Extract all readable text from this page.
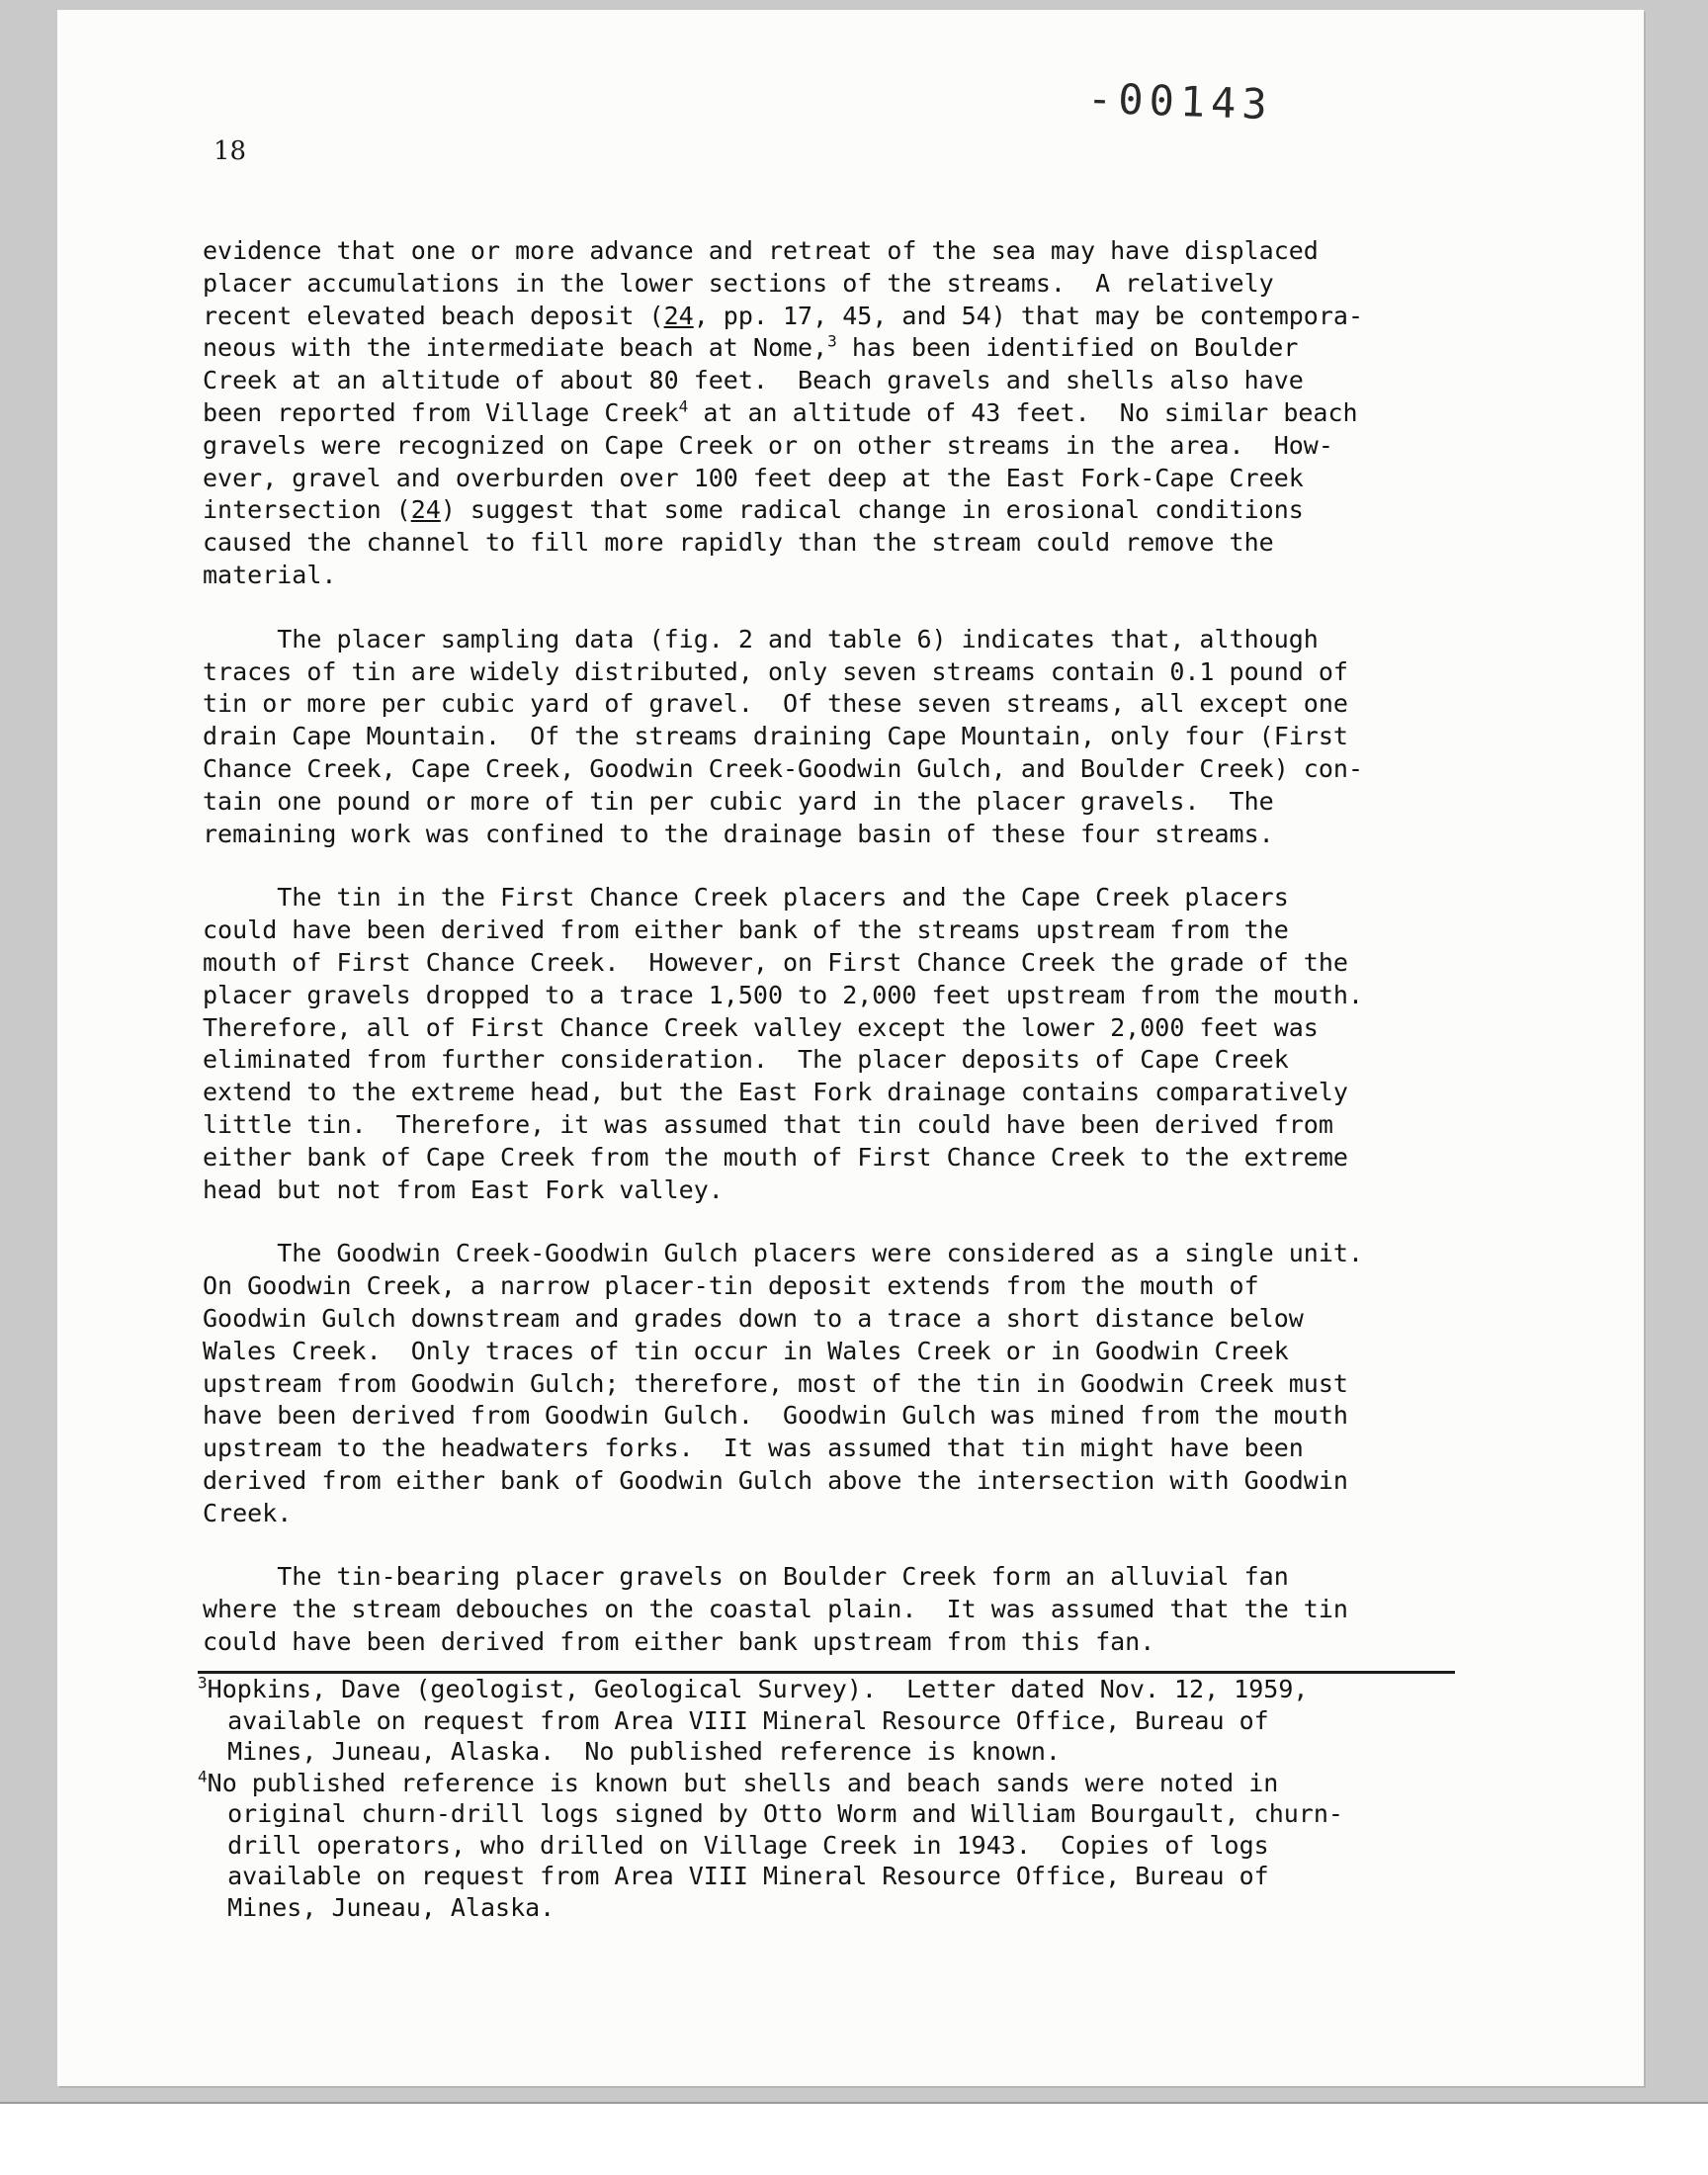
-00143
18
evidence that one or more advance and retreat of the sea may have displaced
placer accumulations in the lower sections of the streams.  A relatively
recent elevated beach deposit (24, pp. 17, 45, and 54) that may be contempora-
neous with the intermediate beach at Nome,$^3$ has been identified on Boulder
Creek at an altitude of about 80 feet.  Beach gravels and shells also have
been reported from Village Creek$^4$ at an altitude of 43 feet.  No similar beach
gravels were recognized on Cape Creek or on other streams in the area.  How-
ever, gravel and overburden over 100 feet deep at the East Fork-Cape Creek
intersection (24) suggest that some radical change in erosional conditions
caused the channel to fill more rapidly than the stream could remove the
material.
The placer sampling data (fig. 2 and table 6) indicates that, although
traces of tin are widely distributed, only seven streams contain 0.1 pound of
tin or more per cubic yard of gravel.  Of these seven streams, all except one
drain Cape Mountain.  Of the streams draining Cape Mountain, only four (First
Chance Creek, Cape Creek, Goodwin Creek-Goodwin Gulch, and Boulder Creek) con-
tain one pound or more of tin per cubic yard in the placer gravels.  The
remaining work was confined to the drainage basin of these four streams.
The tin in the First Chance Creek placers and the Cape Creek placers
could have been derived from either bank of the streams upstream from the
mouth of First Chance Creek.  However, on First Chance Creek the grade of the
placer gravels dropped to a trace 1,500 to 2,000 feet upstream from the mouth.
Therefore, all of First Chance Creek valley except the lower 2,000 feet was
eliminated from further consideration.  The placer deposits of Cape Creek
extend to the extreme head, but the East Fork drainage contains comparatively
little tin.  Therefore, it was assumed that tin could have been derived from
either bank of Cape Creek from the mouth of First Chance Creek to the extreme
head but not from East Fork valley.
The Goodwin Creek-Goodwin Gulch placers were considered as a single unit.
On Goodwin Creek, a narrow placer-tin deposit extends from the mouth of
Goodwin Gulch downstream and grades down to a trace a short distance below
Wales Creek.  Only traces of tin occur in Wales Creek or in Goodwin Creek
upstream from Goodwin Gulch; therefore, most of the tin in Goodwin Creek must
have been derived from Goodwin Gulch.  Goodwin Gulch was mined from the mouth
upstream to the headwaters forks.  It was assumed that tin might have been
derived from either bank of Goodwin Gulch above the intersection with Goodwin
Creek.
The tin-bearing placer gravels on Boulder Creek form an alluvial fan
where the stream debouches on the coastal plain.  It was assumed that the tin
could have been derived from either bank upstream from this fan.
$^3$Hopkins, Dave (geologist, Geological Survey).  Letter dated Nov. 12, 1959,
available on request from Area VIII Mineral Resource Office, Bureau of
Mines, Juneau, Alaska.  No published reference is known.
$^4$No published reference is known but shells and beach sands were noted in
original churn-drill logs signed by Otto Worm and William Bourgault, churn-
drill operators, who drilled on Village Creek in 1943.  Copies of logs
available on request from Area VIII Mineral Resource Office, Bureau of
Mines, Juneau, Alaska.
